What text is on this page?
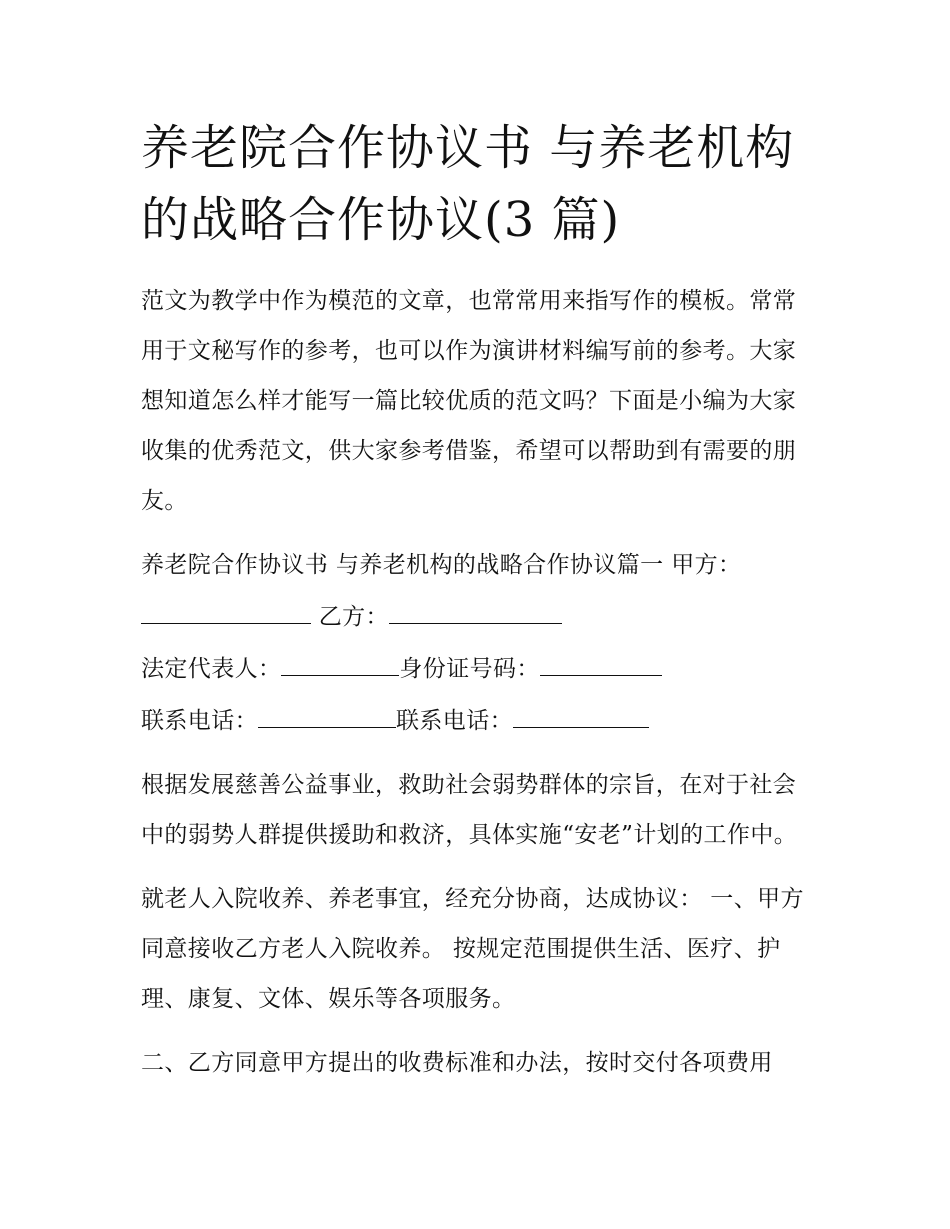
养老院合作协议书 与养老机构的战略合作协议(3 篇)

范文为教学中作为模范的文章，也常常用来指写作的模板。常常用于文秘写作的参考，也可以作为演讲材料编写前的参考。大家想知道怎么样才能写一篇比较优质的范文吗？下面是小编为大家收集的优秀范文，供大家参考借鉴，希望可以帮助到有需要的朋友。

养老院合作协议书 与养老机构的战略合作协议篇一 甲方：

乙方：
法定代表人：	身份证号码：
联系电话：	联系电话：

根据发展慈善公益事业，救助社会弱势群体的宗旨，在对于社会中的弱势人群提供援助和救济，具体实施“安老”计划的工作中。

就老人入院收养、养老事宜，经充分协商，达成协议： 一、甲方同意接收乙方老人入院收养。 按规定范围提供生活、医疗、护理、康复、文体、娱乐等各项服务。

二、乙方同意甲方提出的收费标准和办法，按时交付各项费用
